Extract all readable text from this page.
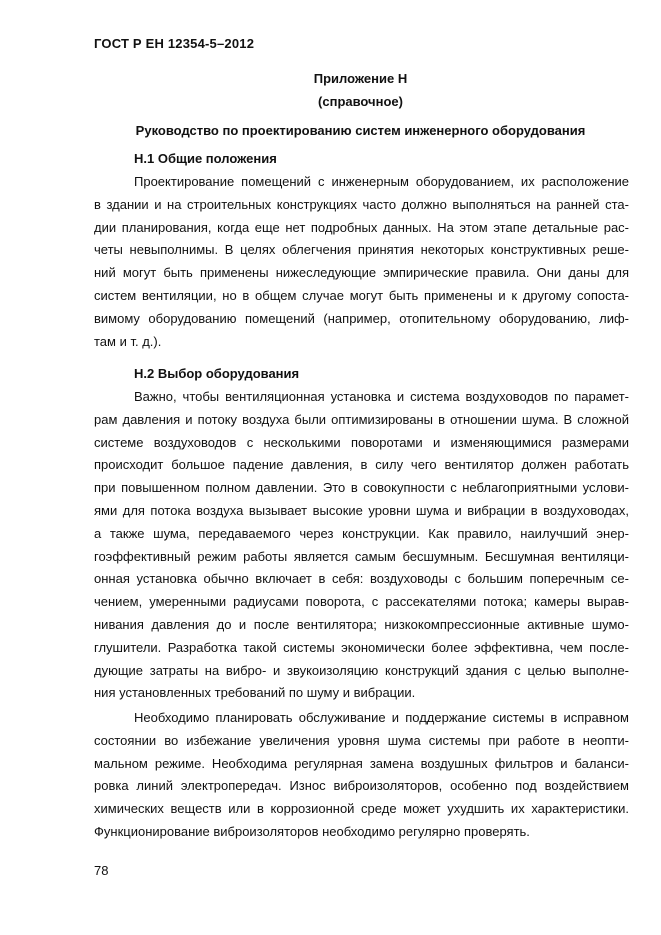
ГОСТ Р ЕН 12354-5–2012
Приложение Н
(справочное)
Руководство по проектированию систем инженерного оборудования
Н.1 Общие положения
Проектирование помещений с инженерным оборудованием, их расположение
в здании и на строительных конструкциях часто должно выполняться на ранней ста-
дии планирования, когда еще нет подробных данных. На этом этапе детальные рас-
четы невыполнимы. В целях облегчения принятия некоторых конструктивных реше-
ний могут быть применены нижеследующие эмпирические правила. Они даны для
систем вентиляции, но в общем случае могут быть применены и к другому сопоста-
вимому оборудованию помещений (например, отопительному оборудованию, лиф-
там и т. д.).
Н.2 Выбор оборудования
Важно, чтобы вентиляционная установка и система воздуховодов по парамет-
рам давления и потоку воздуха были оптимизированы в отношении шума. В сложной
системе воздуховодов с несколькими поворотами и изменяющимися размерами
происходит большое падение давления, в силу чего вентилятор должен работать
при повышенном полном давлении. Это в совокупности с неблагоприятными услови-
ями для потока воздуха вызывает высокие уровни шума и вибрации в воздуховодах,
а также шума, передаваемого через конструкции. Как правило, наилучший энер-
гоэффективный режим работы является самым бесшумным. Бесшумная вентиляци-
онная установка обычно включает в себя: воздуховоды с большим поперечным се-
чением, умеренными радиусами поворота, с рассекателями потока; камеры вырав-
нивания давления до и после вентилятора; низкокомпрессионные активные шумо-
глушители. Разработка такой системы экономически более эффективна, чем после-
дующие затраты на вибро- и звукоизоляцию конструкций здания с целью выполне-
ния установленных требований по шуму и вибрации.
Необходимо планировать обслуживание и поддержание системы в исправном
состоянии во избежание увеличения уровня шума системы при работе в неопти-
мальном режиме. Необходима регулярная замена воздушных фильтров и баланси-
ровка линий электропередач. Износ виброизоляторов, особенно под воздействием
химических веществ или в коррозионной среде может ухудшить их характеристики.
Функционирование виброизоляторов необходимо регулярно проверять.
78
